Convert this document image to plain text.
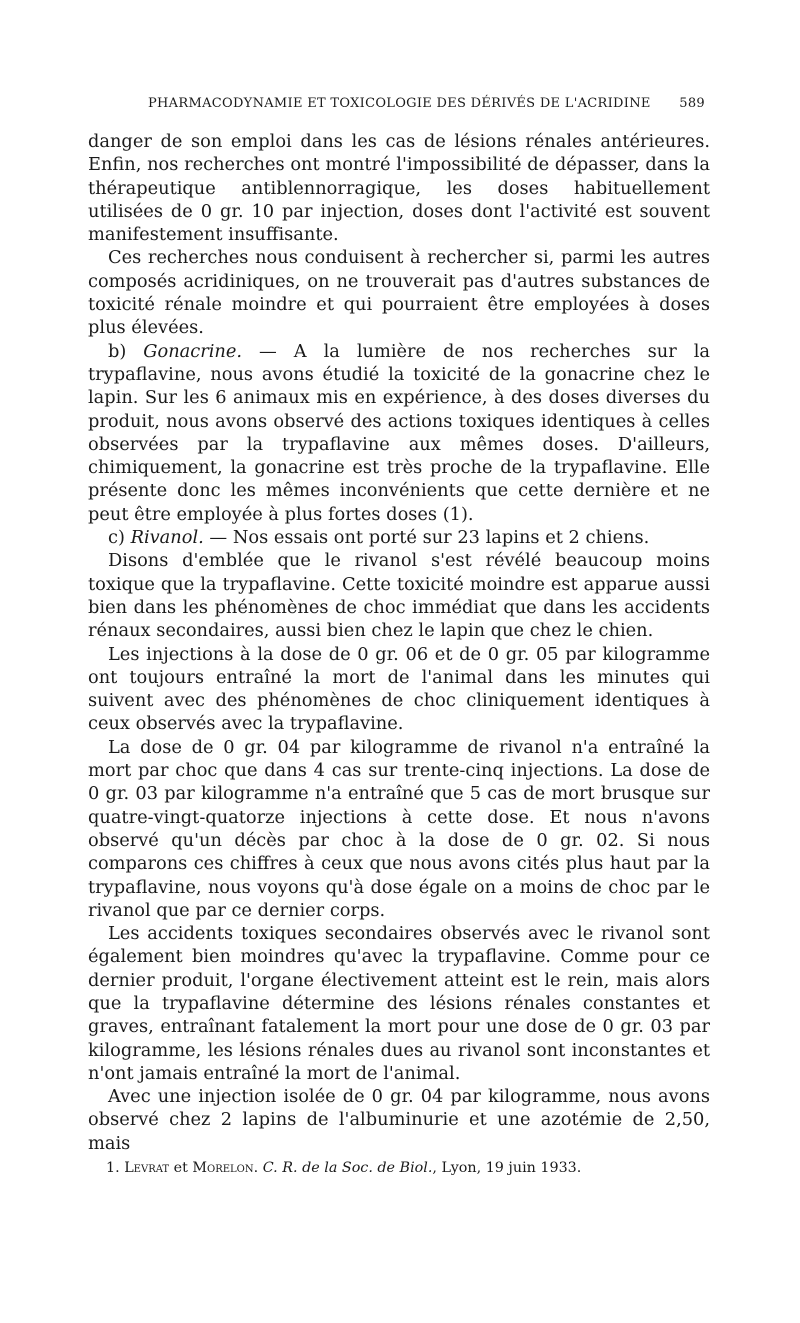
PHARMACODYNAMIE ET TOXICOLOGIE DES DÉRIVÉS DE L'ACRIDINE 589

danger de son emploi dans les cas de lésions rénales antérieures. Enfin, nos recherches ont montré l'impossibilité de dépasser, dans la thérapeutique antiblennorragique, les doses habituellement utilisées de 0 gr. 10 par injection, doses dont l'activité est souvent manifestement insuffisante.

Ces recherches nous conduisent à rechercher si, parmi les autres composés acridiniques, on ne trouverait pas d'autres substances de toxicité rénale moindre et qui pourraient être employées à doses plus élevées.

b) Gonacrine. — A la lumière de nos recherches sur la trypaflavine, nous avons étudié la toxicité de la gonacrine chez le lapin. Sur les 6 animaux mis en expérience, à des doses diverses du produit, nous avons observé des actions toxiques identiques à celles observées par la trypaflavine aux mêmes doses. D'ailleurs, chimiquement, la gonacrine est très proche de la trypaflavine. Elle présente donc les mêmes inconvénients que cette dernière et ne peut être employée à plus fortes doses (1).

c) Rivanol. — Nos essais ont porté sur 23 lapins et 2 chiens.

Disons d'emblée que le rivanol s'est révélé beaucoup moins toxique que la trypaflavine. Cette toxicité moindre est apparue aussi bien dans les phénomènes de choc immédiat que dans les accidents rénaux secondaires, aussi bien chez le lapin que chez le chien.

Les injections à la dose de 0 gr. 06 et de 0 gr. 05 par kilogramme ont toujours entraîné la mort de l'animal dans les minutes qui suivent avec des phénomènes de choc cliniquement identiques à ceux observés avec la trypaflavine.

La dose de 0 gr. 04 par kilogramme de rivanol n'a entraîné la mort par choc que dans 4 cas sur trente-cinq injections. La dose de 0 gr. 03 par kilogramme n'a entraîné que 5 cas de mort brusque sur quatre-vingt-quatorze injections à cette dose. Et nous n'avons observé qu'un décès par choc à la dose de 0 gr. 02. Si nous comparons ces chiffres à ceux que nous avons cités plus haut par la trypaflavine, nous voyons qu'à dose égale on a moins de choc par le rivanol que par ce dernier corps.

Les accidents toxiques secondaires observés avec le rivanol sont également bien moindres qu'avec la trypaflavine. Comme pour ce dernier produit, l'organe électivement atteint est le rein, mais alors que la trypaflavine détermine des lésions rénales constantes et graves, entraînant fatalement la mort pour une dose de 0 gr. 03 par kilogramme, les lésions rénales dues au rivanol sont inconstantes et n'ont jamais entraîné la mort de l'animal.

Avec une injection isolée de 0 gr. 04 par kilogramme, nous avons observé chez 2 lapins de l'albuminurie et une azotémie de 2,50, mais

1. Levrat et Morelon. C. R. de la Soc. de Biol., Lyon, 19 juin 1933.
